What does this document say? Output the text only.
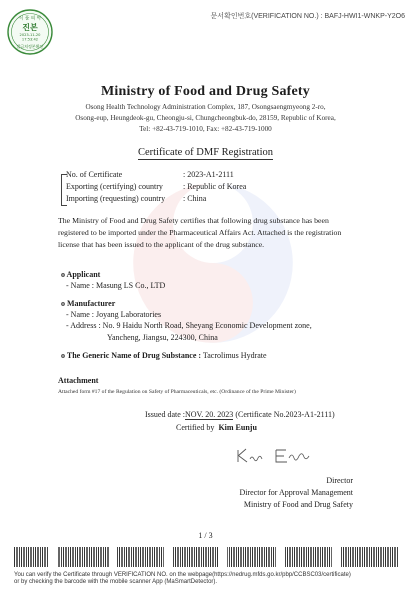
문서확인번호(VERIFICATION NO.) : BAFJ-HWI1-WNKP-Y2O6
식 품 의 약
진본
2023-11-20
17:53:42
발급처정본확인
Ministry of Food and Drug Safety
Osong Health Technology Administration Complex, 187, Osongsaengmyeong 2-ro,
Osong-eup, Heungdeok-gu, Cheongju-si, Chungcheongbuk-do, 28159, Republic of Korea,
Tel: +82-43-719-1010, Fax: +82-43-719-1000
Certificate of DMF Registration
No. of Certificate	: 2023-A1-2111
Exporting (certifying) country	: Republic of Korea
Importing (requesting) country : China
The Ministry of Food and Drug Safety certifies that following drug substance has been registered to be imported under the Pharmaceutical Affairs Act. Attached is the registration license that has been issued to the applicant of the drug substance.
o Applicant
- Name : Masung LS Co., LTD
o Manufacturer
- Name : Joyang Laboratories
- Address : No. 9 Haidu North Road, Sheyang Economic Development zone,
Yancheng, Jiangsu, 224300, China
o The Generic Name of Drug Substance : Tacrolimus Hydrate
Attachment
Attached form #17 of the Regulation on Safety of Pharmaceuticals, etc. (Ordinance of the Prime Minister)
Issued date :NOV. 20. 2023 (Certificate No.2023-A1-2111)
Certified by Kim Eunju
Director
Director for Approval Management
Ministry of Food and Drug Safety
1 / 3
You can verify the Certificate through VERIFICATION NO. on the webpage(https://nedrug.mfds.go.kr/pbp/CCBSC03/certificate)
or by checking the barcode with the mobile scanner App (MaSmartDetector).
